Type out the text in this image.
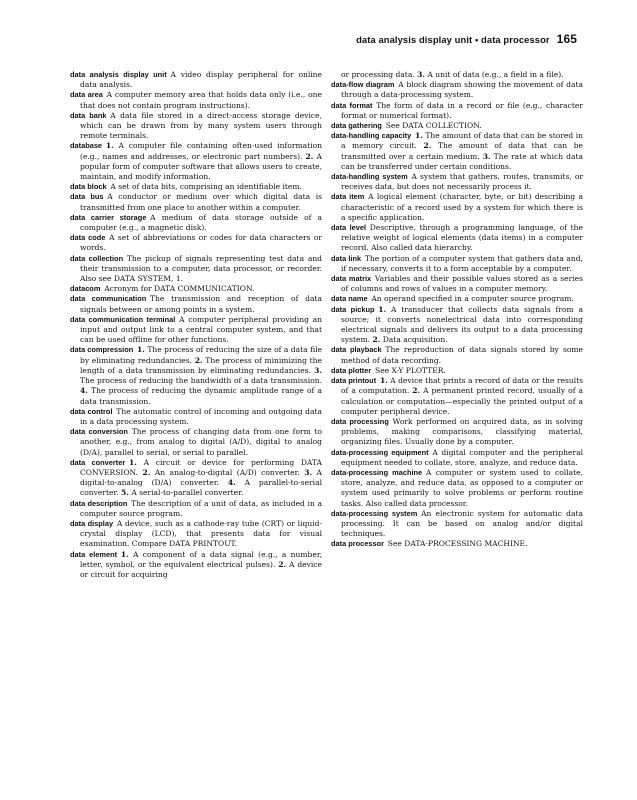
data analysis display unit • data processor 165

data analysis display unit  A video display peripheral for online data analysis.

data area  A computer memory area that holds data only (i.e., one that does not contain program instructions).

data bank  A data file stored in a direct-access storage device, which can be drawn from by many system users through remote terminals.

database  1. A computer file containing often-used information (e.g., names and addresses, or electronic part numbers). 2. A popular form of computer software that allows users to create, maintain, and modify information.

data block  A set of data bits, comprising an identifiable item.

data bus  A conductor or medium over which digital data is transmitted from one place to another within a computer.

data carrier storage  A medium of data storage outside of a computer (e.g., a magnetic disk).

data code  A set of abbreviations or codes for data characters or words.

data collection  The pickup of signals representing test data and their transmission to a computer, data processor, or recorder. Also see DATA SYSTEM, 1.

datacom  Acronym for DATA COMMUNICATION.

data communication  The transmission and reception of data signals between or among points in a system.

data communication terminal  A computer peripheral providing an input and output link to a central computer system, and that can be used offline for other functions.

data compression  1. The process of reducing the size of a data file by eliminating redundancies. 2. The process of minimizing the length of a data transmission by eliminating redundancies. 3. The process of reducing the bandwidth of a data transmission. 4. The process of reducing the dynamic amplitude range of a data transmission.

data control  The automatic control of incoming and outgoing data in a data processing system.

data conversion  The process of changing data from one form to another, e.g., from analog to digital (A/D), digital to analog (D/A), parallel to serial, or serial to parallel.

data converter  1. A circuit or device for performing DATA CONVERSION. 2. An analog-to-digital (A/D) converter. 3. A digital-to-analog (D/A) converter. 4. A parallel-to-serial converter. 5. A serial-to-parallel converter.

data description  The description of a unit of data, as included in a computer source program.

data display  A device, such as a cathode-ray tube (CRT) or liquid-crystal display (LCD), that presents data for visual examination. Compare DATA PRINTOUT.

data element  1. A component of a data signal (e.g., a number, letter, symbol, or the equivalent electrical pulses). 2. A device or circuit for acquiring

or processing data. 3. A unit of data (e.g., a field in a file).

data-flow diagram  A block diagram showing the movement of data through a data-processing system.

data format  The form of data in a record or file (e.g., character format or numerical format).

data gathering  See DATA COLLECTION.

data-handling capacity  1. The amount of data that can be stored in a memory circuit. 2. The amount of data that can be transmitted over a certain medium. 3. The rate at which data can be transferred under certain conditions.

data-handling system  A system that gathers, routes, transmits, or receives data, but does not necessarily process it.

data item  A logical element (character, byte, or bit) describing a characteristic of a record used by a system for which there is a specific application.

data level  Descriptive, through a programming language, of the relative weight of logical elements (data items) in a computer record. Also called data hierarchy.

data link  The portion of a computer system that gathers data and, if necessary, converts it to a form acceptable by a computer.

data matrix  Variables and their possible values stored as a series of columns and rows of values in a computer memory.

data name  An operand specified in a computer source program.

data pickup  1. A transducer that collects data signals from a source; it converts nonelectrical data into corresponding electrical signals and delivers its output to a data processing system. 2. Data acquisition.

data playback  The reproduction of data signals stored by some method of data recording.

data plotter  See X-Y PLOTTER.

data printout  1. A device that prints a record of data or the results of a computation. 2. A permanent printed record, usually of a calculation or computation—especially the printed output of a computer peripheral device.

data processing  Work performed on acquired data, as in solving problems, making comparisons, classifying material, organizing files. Usually done by a computer.

data-processing equipment  A digital computer and the peripheral equipment needed to collate, store, analyze, and reduce data.

data-processing machine  A computer or system used to collate, store, analyze, and reduce data, as opposed to a computer or system used primarily to solve problems or perform routine tasks. Also called data processor.

data-processing system  An electronic system for automatic data processing. It can be based on analog and/or digital techniques.

data processor  See DATA-PROCESSING MACHINE.
